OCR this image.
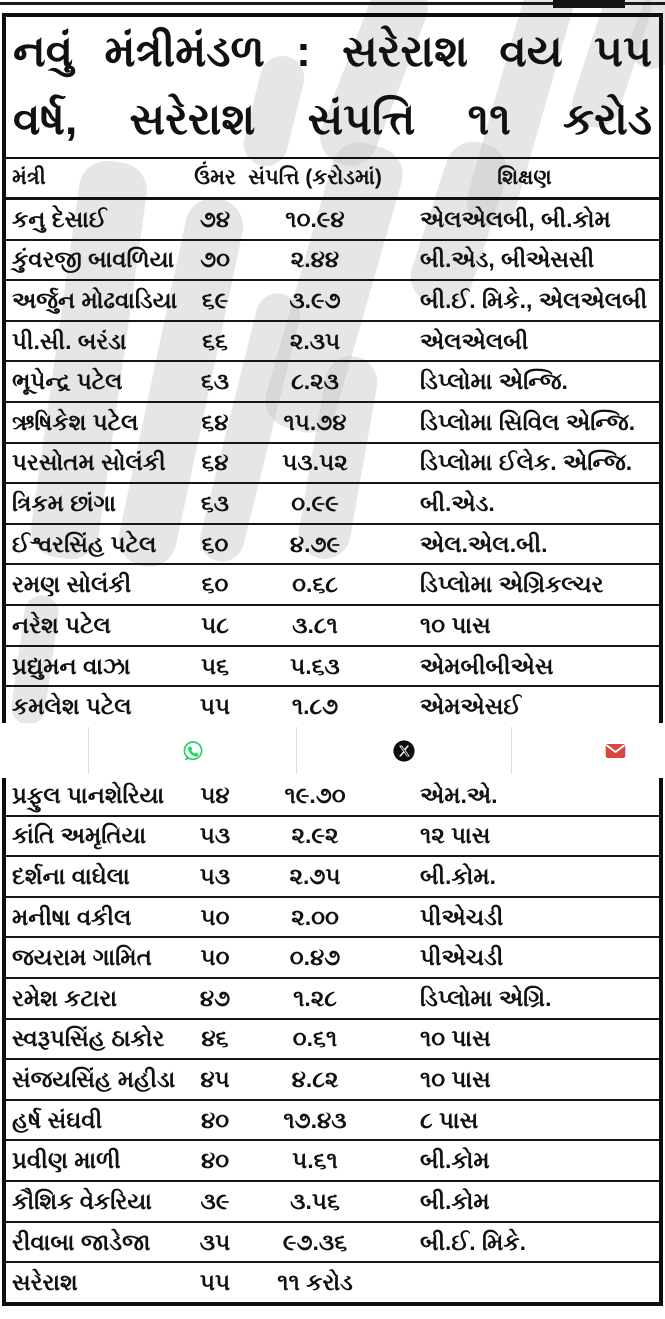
નવું મંત્રીમંડળ : સરેરાશ વય ૫૫
વર્ષ, સરેરાશ સંપત્તિ ૧૧ કરોડ
મંત્રી	ઉંમર સંપત્તિ (કરોડમાં)	શિક્ષણ
કનુ દેસાઈ	૭૪	૧૦.૯૪	એલએલબી, બી.કોમ
કુંવરજી બાવળિયા	૭૦	૨.૪૪	બી.એડ, બીએસસી
અર્જુન મોઢવાડિયા	૬૯	૩.૯૭	બી.ઈ. મિકે., એલએલબી
પી.સી. બરંડા	૬૬	૨.૩૫	એલએલબી
ભૂપેન્દ્ર પટેલ	૬૩	૮.૨૩	ડિપ્લોમા એન્જિ.
ઋષિકેશ પટેલ	૬૪	૧૫.૭૪	ડિપ્લોમા સિવિલ એન્જિ.
પરસોતમ સોલંકી	૬૪	૫૩.૫૨	ડિપ્લોમા ઈલેક. એન્જિ.
ત્રિકમ છાંગા	૬૩	૦.૯૯	બી.એડ.
ઈશ્વરસિંહ પટેલ	૬૦	૪.૭૯	એલ.એલ.બી.
રમણ સોલંકી	૬૦	૦.૬૮	ડિપ્લોમા એગ્રિકલ્ચર
નરેશ પટેલ	૫૮	૩.૮૧	૧૦ પાસ
પ્રદ્યુમન વાઝા	૫૬	૫.૬૩	એમબીબીએસ
કમલેશ પટેલ	૫૫	૧.૮૭	એમએસઈ
પ્રફુલ પાનશેરિયા	૫૪	૧૯.૭૦	એમ.એ.
કાંતિ અમૃતિયા	૫૩	૨.૯૨	૧૨ પાસ
દર્શના વાઘેલા	૫૩	૨.૭૫	બી.કોમ.
મનીષા વકીલ	૫૦	૨.૦૦	પીએચડી
જયરામ ગામિત	૫૦	૦.૪૭	પીએચડી
રમેશ કટારા	૪૭	૧.૨૮	ડિપ્લોમા એગ્રિ.
સ્વરૂપસિંહ ઠાકોર	૪૬	૦.૬૧	૧૦ પાસ
સંજયસિંહ મહીડા	૪૫	૪.૮૨	૧૦ પાસ
હર્ષ સંઘવી	૪૦	૧૭.૪૩	૮ પાસ
પ્રવીણ માળી	૪૦	૫.૬૧	બી.કોમ
કૌશિક વેકરિયા	૩૯	૩.૫૬	બી.કોમ
રીવાબા જાડેજા	૩૫	૯૭.૩૬	બી.ઈ. મિકે.
સરેરાશ	૫૫	૧૧ કરોડ
